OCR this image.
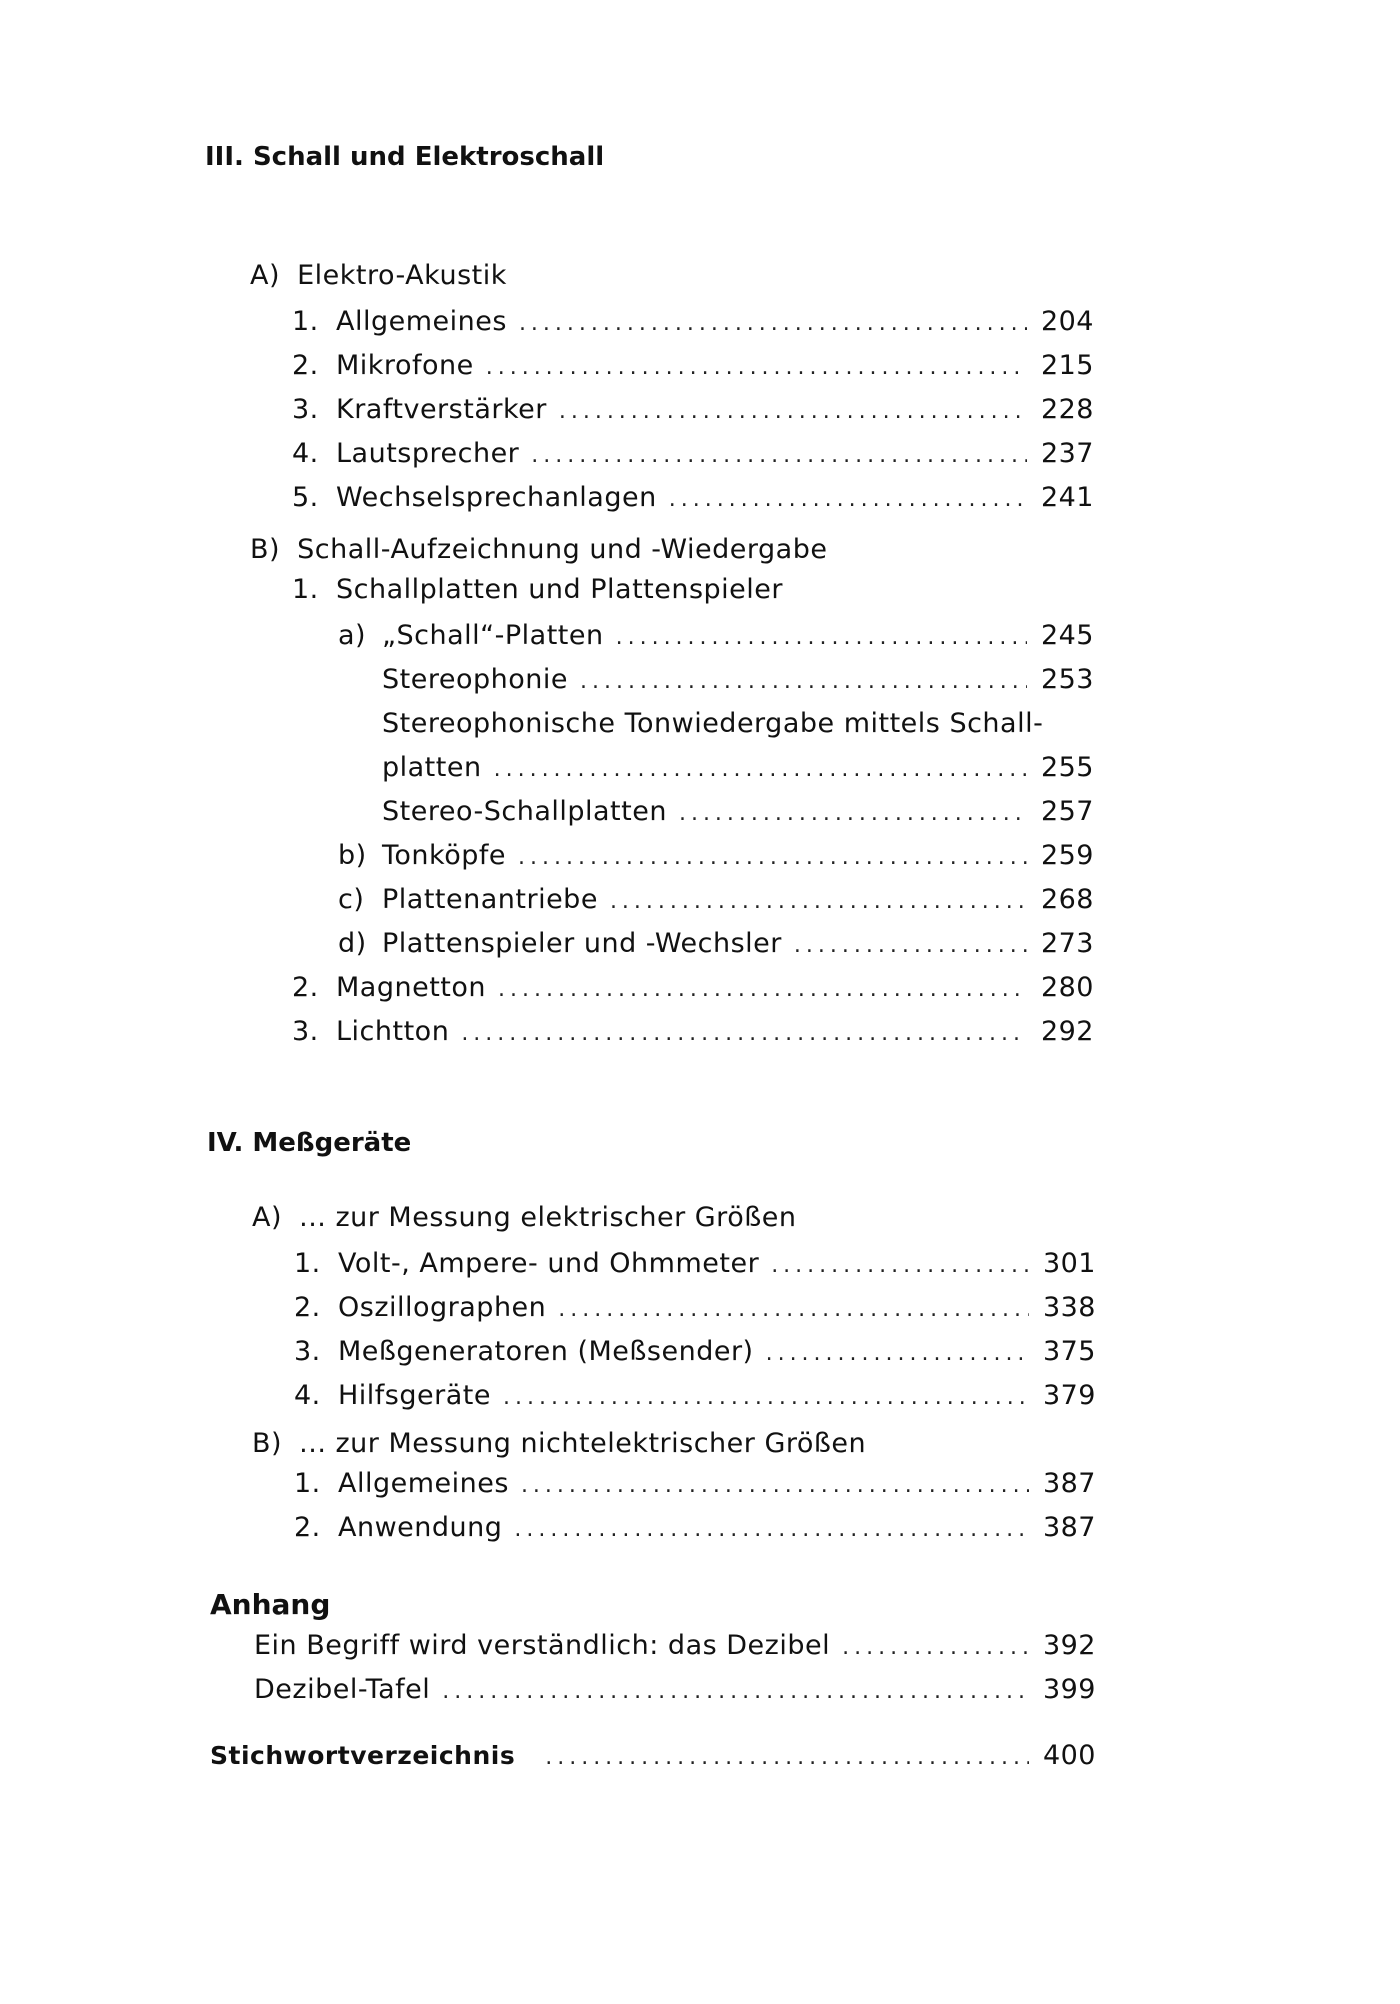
III. Schall und Elektroschall
A) Elektro-Akustik
1. Allgemeines .....	204
2. Mikrofone .....	215
3. Kraftverstärker .....	228
4. Lautsprecher .....	237
5. Wechselsprechanlagen .....	241
B) Schall-Aufzeichnung und -Wiedergabe
1. Schallplatten und Plattenspieler
a) „Schall“-Platten .....	245
Stereophonie .....	253
Stereophonische Tonwiedergabe mittels Schall-
platten .....	255
Stereo-Schallplatten .....	257
b) Tonköpfe .....	259
c) Plattenantriebe .....	268
d) Plattenspieler und -Wechsler .....	273
2. Magnetton .....	280
3. Lichtton .....	292
IV. Meßgeräte
A) ... zur Messung elektrischer Größen
1. Volt-, Ampere- und Ohmmeter .....	301
2. Oszillographen .....	338
3. Meßgeneratoren (Meßsender) .....	375
4. Hilfsgeräte .....	379
B) ... zur Messung nichtelektrischer Größen
1. Allgemeines .....	387
2. Anwendung .....	387
Anhang
Ein Begriff wird verständlich: das Dezibel .....	392
Dezibel-Tafel .....	399
Stichwortverzeichnis .....	400
